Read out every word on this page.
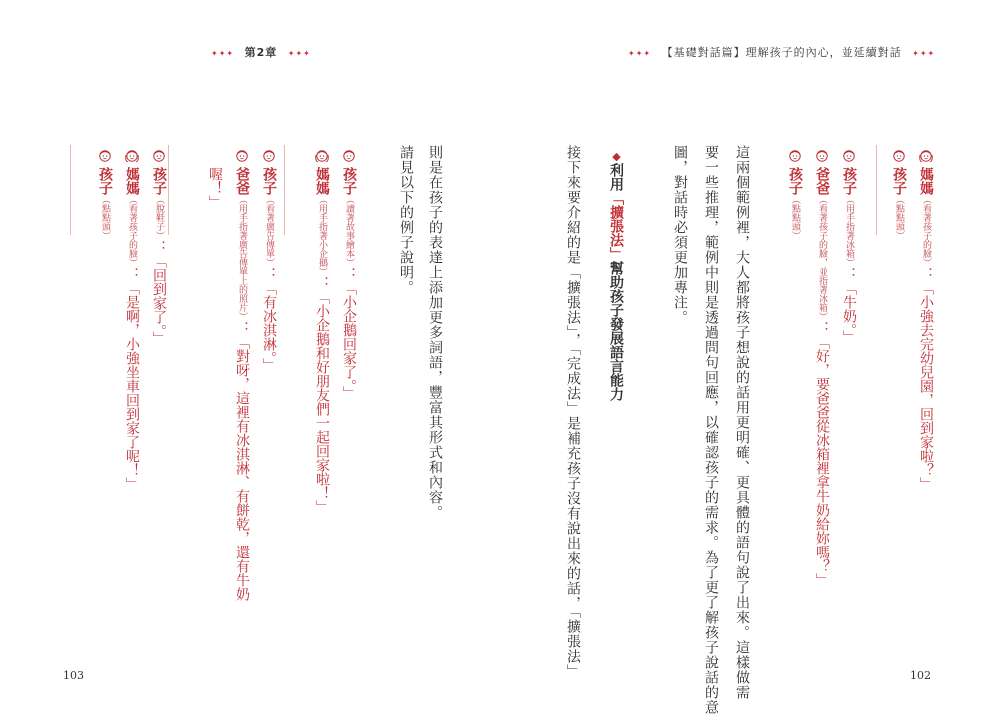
✦✦✦ 第2章 ✦✦✦	✦✦✦ 【基礎對話篇】理解孩子的內心，並延續對話 ✦✦✦
媽媽（看著孩子的臉）：「小強去完幼兒園，回到家啦？」
孩子（點點頭）
孩子（用手指著冰箱）：「牛奶。」
爸爸（看著孩子的臉，並指著冰箱）：「好，要爸爸從冰箱裡拿牛奶給妳嗎？」
孩子（點點頭）
這兩個範例裡，大人都將孩子想說的話用更明確、更具體的語句說了出來。這樣做需
要一些推理，範例中則是透過問句回應，以確認孩子的需求。為了更了解孩子說話的意
圖，對話時必須更加專注。
◆利用「擴張法」幫助孩子發展語言能力
接下來要介紹的是「擴張法」，「完成法」是補充孩子沒有說出來的話，「擴張法」
則是在孩子的表達上添加更多詞語，豐富其形式和內容。
請見以下的例子說明。
孩子（讀著故事繪本）：「小企鵝回家了。」
媽媽（用手指著小企鵝）：「小企鵝和好朋友們一起回家啦！」
孩子（看著廣告傳單）：「有冰淇淋。」
爸爸（用手指著廣告傳單上的照片）：「對呀，這裡有冰淇淋、有餅乾，還有牛奶
喔！」
孩子（脫鞋子）：「回到家了。」
媽媽（看著孩子的臉）：「是啊，小強坐車回到家了呢！」
孩子（點點頭）
103	102
